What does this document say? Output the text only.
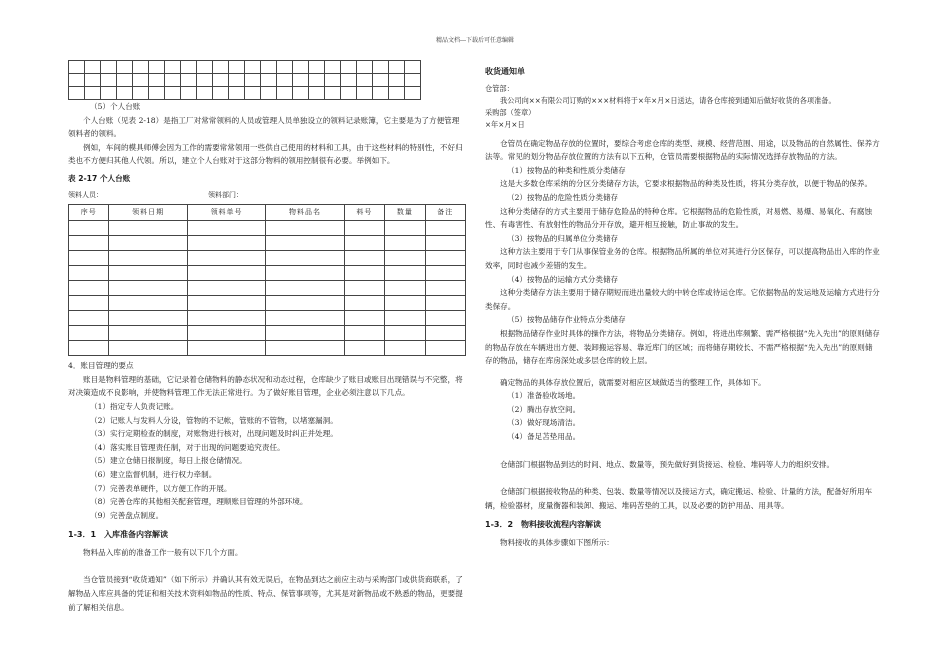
精品文档---下载后可任意编辑

（5）个人台账

个人台账（见表 2-18）是指工厂对常常领料的人员或管理人员单独设立的领料记录账簿，它主要是为了方便管理领料者的领料。

例如，车间的模具师傅会因为工作的需要常常领用一些供自己使用的材料和工具，由于这些材料的特别性，不好归类也不方便归其他人代领。所以，建立个人台账对于这部分物料的领用控制很有必要。举例如下。

表 2-17 个人台账

领料人员：	领料部门：
序号	领料日期	领料单号	物料品名	料号	数量	备注

4．账目管理的要点

账目是物料管理的基础，它记录着仓储物料的静态状况和动态过程，仓库缺少了账目或账目出现错误与不完整，将对决策造成不良影响，并使物料管理工作无法正常进行。为了做好账目管理，企业必须注意以下几点。

（1）指定专人负责记账。

（2）记账人与发料人分设，管物的不记帐，管账的不管物，以堵塞漏洞。

（3）实行定期检查的制度，对账物进行核对，出现问题及时纠正并处理。

（4）落实账目管理责任制，对于出现的问题要追究责任。

（5）建立仓储日报制度，每日上报仓储情况。

（6）建立监督机制，进行权力牵制。

（7）完善表单硬件，以方便工作的开展。

（8）完善仓库的其他相关配套管理，理顺账目管理的外部环境。

（9）完善盘点制度。

1-3．1　入库准备内容解读

物料品入库前的准备工作一般有以下几个方面。

当仓管员接到“收货通知”（如下所示）并确认其有效无误后，在物品到达之前应主动与采购部门或供货商联系，了解物品入库应具备的凭证和相关技术资料如物品的性质、特点、保管事项等，尤其是对新物品或不熟悉的物品，更要提前了解相关信息。

收货通知单

仓管部：

我公司向××有限公司订购的×××材料将于×年×月×日送达，请各仓库接到通知后做好收货的各项准备。

采购部（签章）

×年×月×日

仓管员在确定物品存放的位置时，要综合考虑仓库的类型、规模、经营范围、用途，以及物品的自然属性、保养方法等。常见的划分物品存放位置的方法有以下五种，仓管员需要根据物品的实际情况选择存放物品的方法。

（1）按物品的种类和性质分类储存

这是大多数仓库采纳的分区分类储存方法，它要求根据物品的种类及性质，将其分类存放，以便于物品的保养。

（2）按物品的危险性质分类储存

这种分类储存的方式主要用于储存危险品的特种仓库。它根据物品的危险性质，对易燃、易爆、易氧化、有腐蚀性、有毒害性、有放射性的物品分开存放，避开相互接触，防止事故的发生。

（3）按物品的归属单位分类储存

这种方法主要用于专门从事保管业务的仓库。根据物品所属的单位对其进行分区保存，可以提高物品出入库的作业效率，同时也减少差错的发生。

（4）按物品的运输方式分类储存

这种分类储存方法主要用于储存期短而进出量较大的中转仓库或待运仓库。它依据物品的发运地及运输方式进行分类保存。

（5）按物品储存作业特点分类储存

根据物品储存作业时具体的操作方法，将物品分类储存。例如，将进出库频繁、需严格根据“先入先出”的原则储存的物品存放在车辆进出方便、装卸搬运容易、靠近库门的区域；而将储存期较长、不需严格根据“先入先出”的原则储存的物品，储存在库房深处或多层仓库的较上层。

确定物品的具体存放位置后，就需要对相应区域做适当的整理工作，具体如下。

（1）准备验收场地。

（2）腾出存放空间。

（3）做好现场清洁。

（4）备足苫垫用品。

仓储部门根据物品到达的时间、地点、数量等，预先做好到货接运、检验、堆码等人力的组织安排。

仓储部门根据接收物品的种类、包装、数量等情况以及接运方式，确定搬运、检验、计量的方法，配备好所用车辆，检验器材，度量衡器和装卸、搬运、堆码苦垫的工具，以及必要的防护用品、用具等。

1-3．2　物料接收流程内容解读

物料接收的具体步骤如下图所示：
